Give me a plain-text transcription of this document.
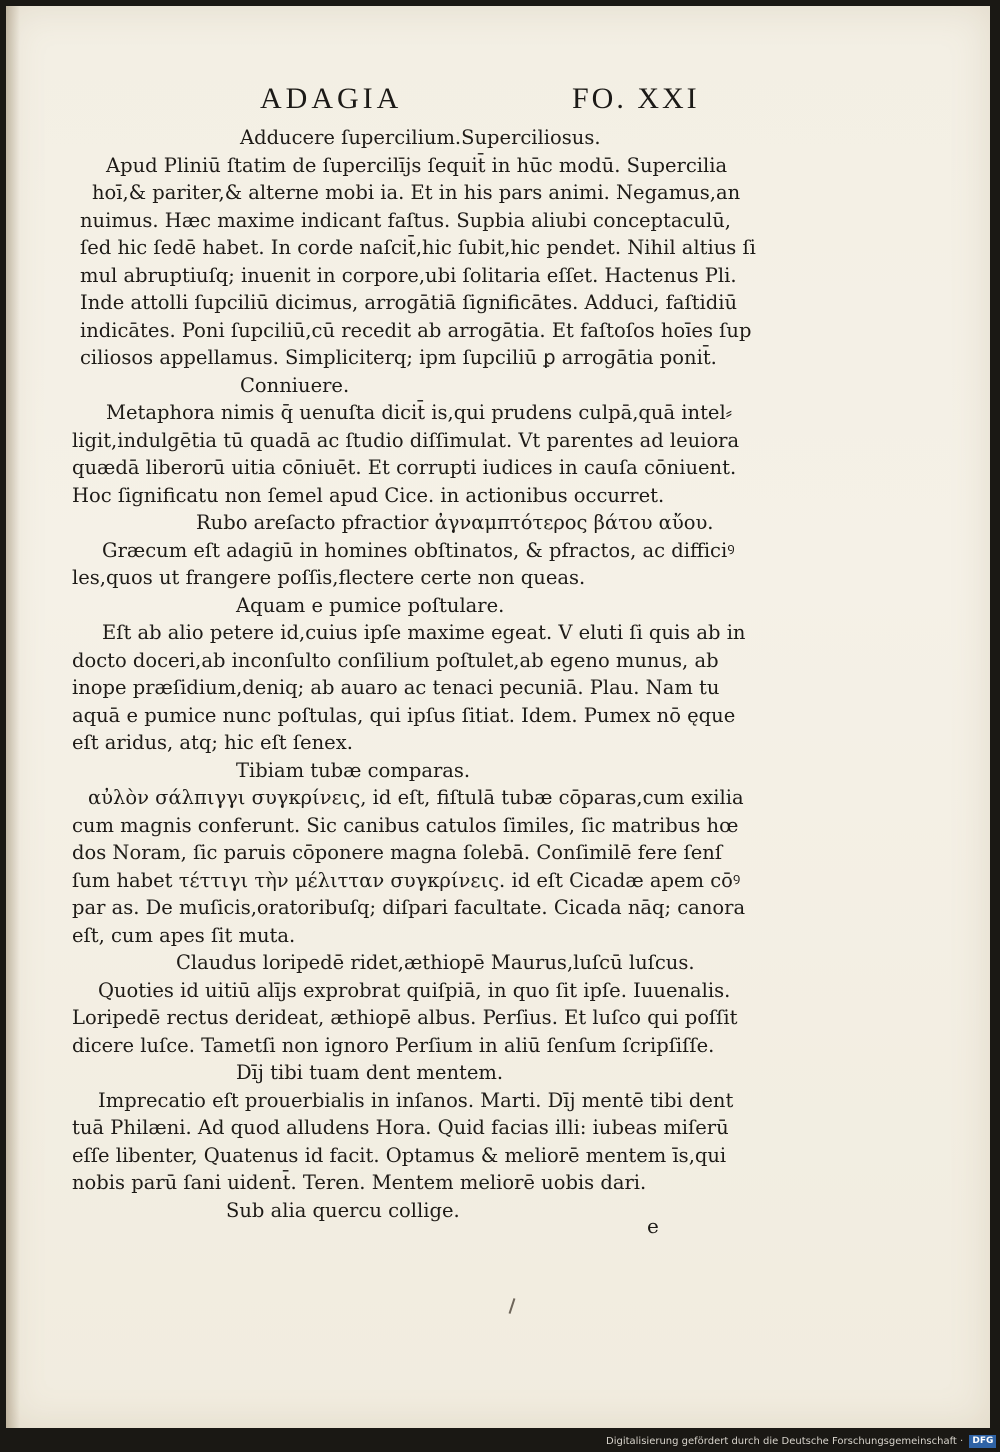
ADAGIA	FO. XXI
Adducere ſupercilium.Superciliosus.
Apud Pliniū ſtatim de ſupercilījs ſequit̄ in hūc modū. Supercilia
hoī,& pariter,& alterne mobi ia. Et in his pars animi. Negamus,an
nuimus. Hæc maxime indicant faſtus. Supbia aliubi conceptaculū,
ſed hic ſedē habet. In corde naſcit̄,hic ſubit,hic pendet. Nihil altius ſi
mul abruptiuſq; inuenit in corpore,ubi ſolitaria eſſet. Hactenus Pli.
Inde attolli ſupciliū dicimus, arrogātiā ſignificātes. Adduci, faſtidiū
indicātes. Poni ſupciliū,cū recedit ab arrogātia. Et faſtoſos hoīes ſup
ciliosos appellamus. Simpliciterq; ipm ſupciliū ꝑ arrogātia ponit̄.
Conniuere.
Metaphora nimis q̄ uenuſta dicit̄ is,qui prudens culpā,quā intel⸗
ligit,indulgētia tū quadā ac ſtudio diſſimulat. Vt parentes ad leuiora
quædā liberorū uitia cōniuēt. Et corrupti iudices in cauſa cōniuent.
Hoc ſignificatu non ſemel apud Cice. in actionibus occurret.
Rubo areſacto pfractior ἀγναμπτότερος βάτου αὔου.
Græcum eſt adagiū in homines obſtinatos, & pfractos, ac difficiꝰ
les,quos ut frangere poſſis,flectere certe non queas.
Aquam e pumice poſtulare.
Eſt ab alio petere id,cuius ipſe maxime egeat. V eluti ſi quis ab in
docto doceri,ab inconſulto conſilium poſtulet,ab egeno munus, ab
inope præſidium,deniq; ab auaro ac tenaci pecuniā. Plau. Nam tu
aquā e pumice nunc poſtulas, qui ipſus ſitiat. Idem. Pumex nō ęque
eſt aridus, atq; hic eſt ſenex.
Tibiam tubæ comparas.
αὐλὸν σάλπιγγι συγκρίνεις, id eſt, fiſtulā tubæ cōparas,cum exilia
cum magnis conferunt. Sic canibus catulos ſimiles, ſic matribus hœ
dos Noram, ſic paruis cōponere magna ſolebā. Conſimilē fere ſenſ
ſum habet τέττιγι τὴν μέλιτταν συγκρίνεις. id eſt Cicadæ apem cōꝰ
par as. De muſicis,oratoribuſq; diſpari facultate. Cicada nāq; canora
eſt, cum apes ſit muta.
Claudus loripedē ridet,æthiopē Maurus,luſcū luſcus.
Quoties id uitiū alījs exprobrat quiſpiā, in quo ſit ipſe. Iuuenalis.
Loripedē rectus derideat, æthiopē albus. Perſius. Et luſco qui poſſit
dicere luſce. Tametſi non ignoro Perſium in aliū ſenſum ſcripſiſſe.
Dīj tibi tuam dent mentem.
Imprecatio eſt prouerbialis in inſanos. Marti. Dīj mentē tibi dent
tuā Philæni. Ad quod alludens Hora. Quid facias illi: iubeas miſerū
eſſe libenter, Quatenus id facit. Optamus & meliorē mentem īs,qui
nobis parū ſani uident̄. Teren. Mentem meliorē uobis dari.
Sub alia quercu collige.
e
Digitalisierung gefördert durch die Deutsche Forschungsgemeinschaft · DFG
